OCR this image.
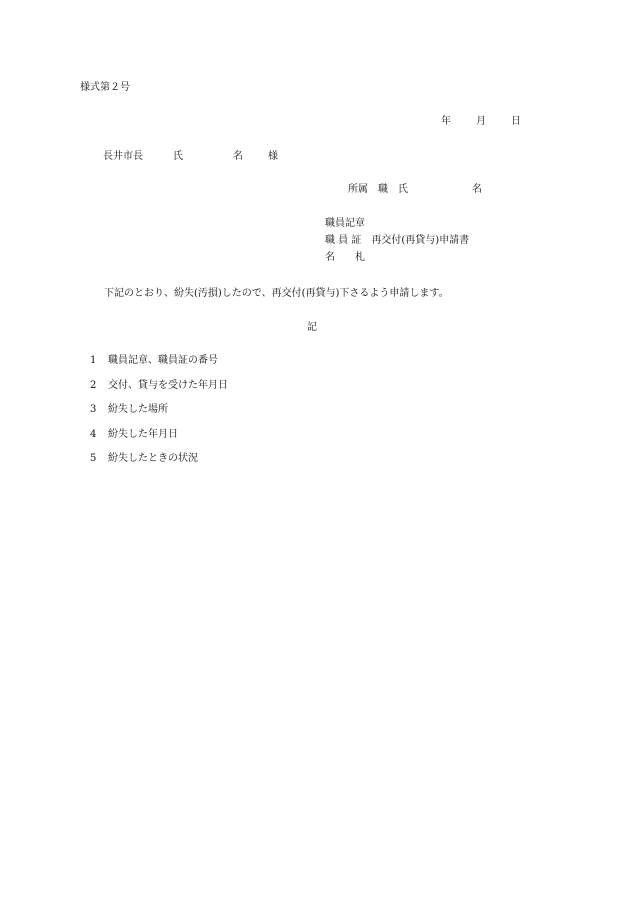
様式第２号
年	月	日
長井市長	氏	名	様
所属　職　氏	名
職員記章
職 員 証　再交付(再貸与)申請書
名　　札
下記のとおり、紛失(汚損)したので、再交付(再貸与)下さるよう申請します。
記
1 職員記章、職員証の番号
2 交付、貸与を受けた年月日
3 紛失した場所
4 紛失した年月日
5 紛失したときの状況
